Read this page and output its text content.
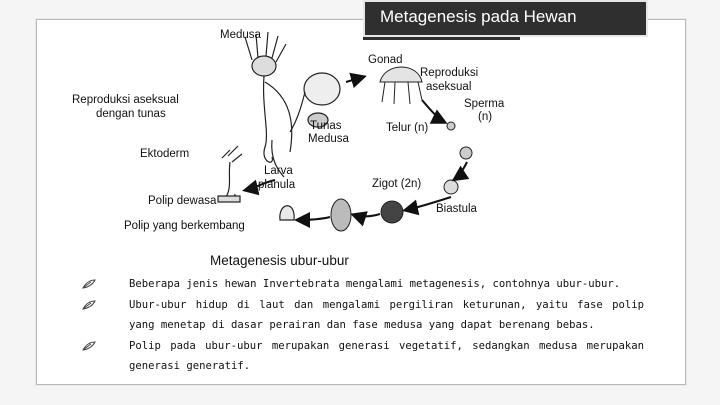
Metagenesis pada Hewan
Medusa
Gonad
Reproduksi
aseksual
Reproduksi aseksual
dengan tunas
Sperma
(n)
Telur (n)
Tunas
Medusa
Ektoderm
Larva
planula	Zigot (2n)
Polip dewasa
Biastula
Polip yang berkembang
Metagenesis ubur-ubur
Beberapa jenis hewan Invertebrata mengalami metagenesis, contohnya ubur-ubur.
Ubur-ubur hidup di laut dan mengalami pergiliran keturunan, yaitu fase polip yang menetap di dasar perairan dan fase medusa yang dapat berenang bebas.
Polip pada ubur-ubur merupakan generasi vegetatif, sedangkan medusa merupakan generasi generatif.
